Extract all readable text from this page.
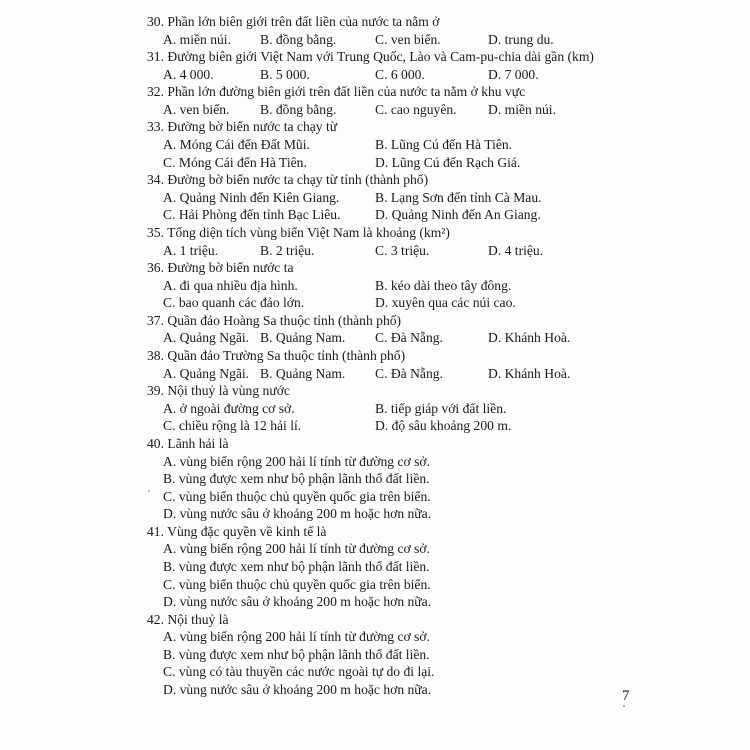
30. Phần lớn biên giới trên đất liền của nước ta nằm ở
A. miền núi. B. đồng bằng.	C. ven biển.	D. trung du.
31. Đường biên giới Việt Nam với Trung Quốc, Lào và Cam-pu-chia dài gần (km)
A. 4 000.	B. 5 000.	C. 6 000.	D. 7 000.
32. Phần lớn đường biên giới trên đất liền của nước ta nằm ở khu vực
A. ven biển. B. đồng bằng.	C. cao nguyên. D. miền núi.
33. Đường bờ biển nước ta chạy từ
A. Móng Cái đến Đất Mũi.	B. Lũng Cú đến Hà Tiên.
C. Móng Cái đến Hà Tiên.	D. Lũng Cú đến Rạch Giá.
34. Đường bờ biển nước ta chạy từ tỉnh (thành phố)
A. Quảng Ninh đến Kiên Giang.	B. Lạng Sơn đến tỉnh Cà Mau.
C. Hải Phòng đến tỉnh Bạc Liêu.	D. Quảng Ninh đến An Giang.
35. Tổng diện tích vùng biển Việt Nam là khoảng (km²)
A. 1 triệu.	B. 2 triệu.	C. 3 triệu.	D. 4 triệu.
36. Đường bờ biển nước ta
A. đi qua nhiều địa hình.	B. kéo dài theo tây đông.
C. bao quanh các đảo lớn.	D. xuyên qua các núi cao.
37. Quần đảo Hoàng Sa thuộc tỉnh (thành phố)
A. Quảng Ngãi. B. Quảng Nam. C. Đà Nẵng.	D. Khánh Hoà.
38. Quần đảo Trường Sa thuộc tỉnh (thành phố)
A. Quảng Ngãi. B. Quảng Nam. C. Đà Nẵng.	D. Khánh Hoà.
39. Nội thuỷ là vùng nước
A. ở ngoài đường cơ sở.	B. tiếp giáp với đất liền.
C. chiều rộng là 12 hải lí.	D. độ sâu khoảng 200 m.
40. Lãnh hải là
A. vùng biển rộng 200 hải lí tính từ đường cơ sở.
B. vùng được xem như bộ phận lãnh thổ đất liền.
C. vùng biển thuộc chủ quyền quốc gia trên biển.
D. vùng nước sâu ở khoảng 200 m hoặc hơn nữa.
41. Vùng đặc quyền về kinh tế là
A. vùng biển rộng 200 hải lí tính từ đường cơ sở.
B. vùng được xem như bộ phận lãnh thổ đất liền.
C. vùng biển thuộc chủ quyền quốc gia trên biển.
D. vùng nước sâu ở khoảng 200 m hoặc hơn nữa.
42. Nội thuỷ là
A. vùng biển rộng 200 hải lí tính từ đường cơ sở.
B. vùng được xem như bộ phận lãnh thổ đất liền.
C. vùng có tàu thuyền các nước ngoài tự do đi lại.
D. vùng nước sâu ở khoảng 200 m hoặc hơn nữa.	7
